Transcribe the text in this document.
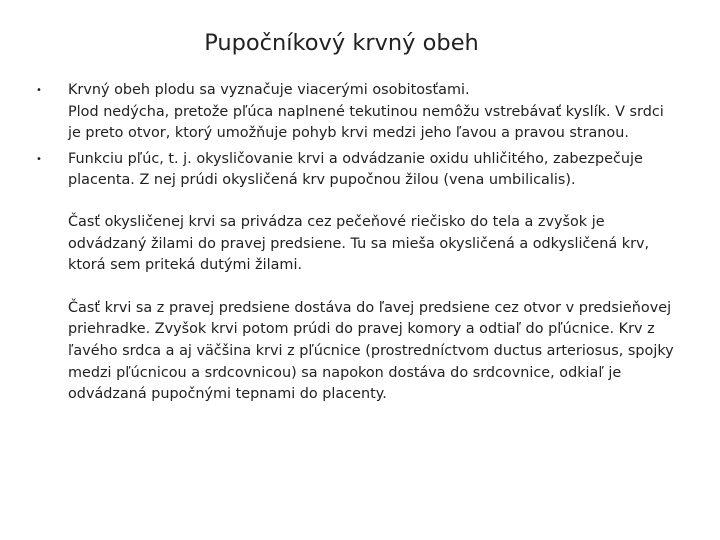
Pupočníkový krvný obeh
• Krvný obeh plodu sa vyznačuje viacerými osobitosťami.
Plod nedýcha, pretože pľúca naplnené tekutinou nemôžu vstrebávať kyslík. V srdci
je preto otvor, ktorý umožňuje pohyb krvi medzi jeho ľavou a pravou stranou.
• Funkciu pľúc, t. j. okysličovanie krvi a odvádzanie oxidu uhličitého, zabezpečuje
placenta. Z nej prúdi okysličená krv pupočnou žilou (vena umbilicalis).
Časť okysličenej krvi sa privádza cez pečeňové riečisko do tela a zvyšok je
odvádzaný žilami do pravej predsiene. Tu sa mieša okysličená a odkysličená krv,
ktorá sem priteká dutými žilami.
Časť krvi sa z pravej predsiene dostáva do ľavej predsiene cez otvor v predsieňovej
priehradke. Zvyšok krvi potom prúdi do pravej komory a odtiaľ do pľúcnice. Krv z
ľavého srdca a aj väčšina krvi z pľúcnice (prostredníctvom ductus arteriosus, spojky
medzi pľúcnicou a srdcovnicou) sa napokon dostáva do srdcovnice, odkiaľ je
odvádzaná pupočnými tepnami do placenty.
